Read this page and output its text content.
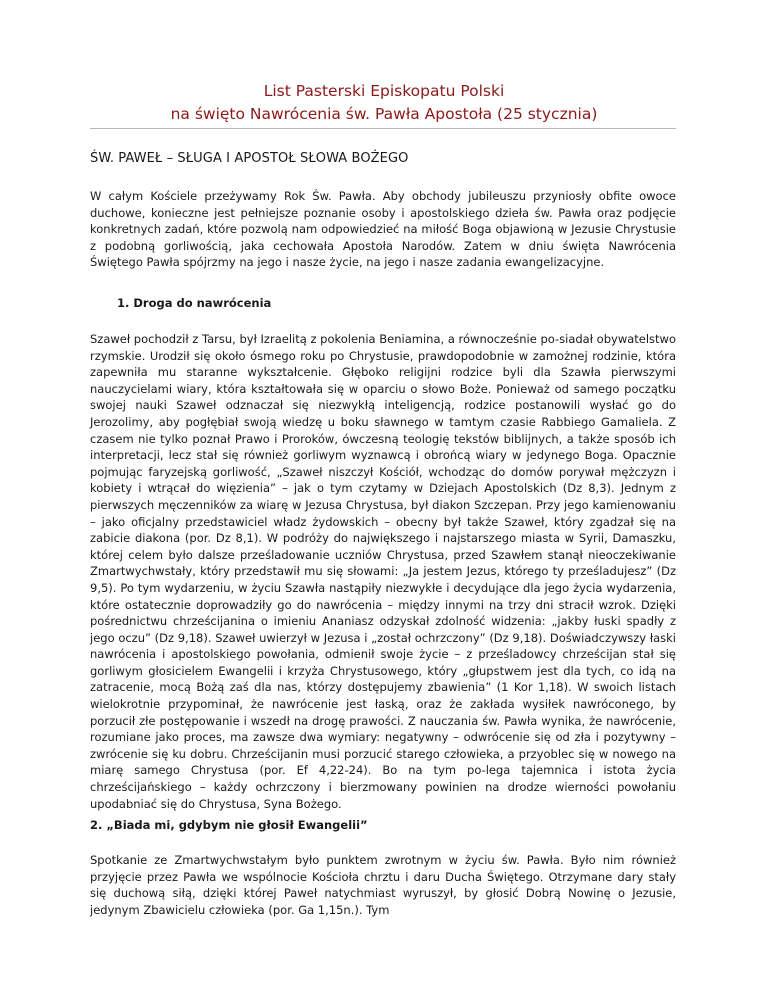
List Pasterski Episkopatu Polski
na święto Nawrócenia św. Pawła Apostoła (25 stycznia)
ŚW. PAWEŁ – SŁUGA I APOSTOŁ SŁOWA BOŻEGO

W całym Kościele przeżywamy Rok Św. Pawła. Aby obchody jubileuszu przyniosły obfite owoce duchowe, konieczne jest pełniejsze poznanie osoby i apostolskiego dzieła św. Pawła oraz podjęcie konkretnych zadań, które pozwolą nam odpowiedzieć na miłość Boga objawioną w Jezusie Chrystusie z podobną gorliwością, jaka cechowała Apostoła Narodów. Zatem w dniu święta Nawrócenia Świętego Pawła spójrzmy na jego i nasze życie, na jego i nasze zadania ewangelizacyjne.

1. Droga do nawrócenia

Szaweł pochodził z Tarsu, był Izraelitą z pokolenia Beniamina, a równocześnie po-siadał obywatelstwo rzymskie. Urodził się około ósmego roku po Chrystusie, prawdopodobnie w zamożnej rodzinie, która zapewniła mu staranne wykształcenie. Głęboko religijni rodzice byli dla Szawła pierwszymi nauczycielami wiary, która kształtowała się w oparciu o słowo Boże. Ponieważ od samego początku swojej nauki Szaweł odznaczał się niezwykłą inteligencją, rodzice postanowili wysłać go do Jerozolimy, aby pogłębiał swoją wiedzę u boku sławnego w tamtym czasie Rabbiego Gamaliela. Z czasem nie tylko poznał Prawo i Proroków, ówczesną teologię tekstów biblijnych, a także sposób ich interpretacji, lecz stał się również gorliwym wyznawcą i obrońcą wiary w jedynego Boga. Opacznie pojmując faryzejską gorliwość, „Szaweł niszczył Kościół, wchodząc do domów porywał mężczyzn i kobiety i wtrącał do więzienia” – jak o tym czytamy w Dziejach Apostolskich (Dz 8,3). Jednym z pierwszych męczenników za wiarę w Jezusa Chrystusa, był diakon Szczepan. Przy jego kamienowaniu – jako oficjalny przedstawiciel władz żydowskich – obecny był także Szaweł, który zgadzał się na zabicie diakona (por. Dz 8,1). W podróży do największego i najstarszego miasta w Syrii, Damaszku, której celem było dalsze prześladowanie uczniów Chrystusa, przed Szawłem stanął nieoczekiwanie Zmartwychwstały, który przedstawił mu się słowami: „Ja jestem Jezus, którego ty prześladujesz” (Dz 9,5). Po tym wydarzeniu, w życiu Szawła nastąpiły niezwykłe i decydujące dla jego życia wydarzenia, które ostatecznie doprowadziły go do nawrócenia – między innymi na trzy dni stracił wzrok. Dzięki pośrednictwu chrześcijanina o imieniu Ananiasz odzyskał zdolność widzenia: „jakby łuski spadły z jego oczu” (Dz 9,18). Szaweł uwierzył w Jezusa i „został ochrzczony” (Dz 9,18). Doświadczywszy łaski nawrócenia i apostolskiego powołania, odmienił swoje życie – z prześladowcy chrześcijan stał się gorliwym głosicielem Ewangelii i krzyża Chrystusowego, który „głupstwem jest dla tych, co idą na zatracenie, mocą Bożą zaś dla nas, którzy dostępujemy zbawienia” (1 Kor 1,18). W swoich listach wielokrotnie przypominał, że nawrócenie jest łaską, oraz że zakłada wysiłek nawróconego, by porzucił złe postępowanie i wszedł na drogę prawości. Z nauczania św. Pawła wynika, że nawrócenie, rozumiane jako proces, ma zawsze dwa wymiary: negatywny – odwrócenie się od zła i pozytywny – zwrócenie się ku dobru. Chrześcijanin musi porzucić starego człowieka, a przyoblec się w nowego na miarę samego Chrystusa (por. Ef 4,22-24). Bo na tym po-lega tajemnica i istota życia chrześcijańskiego – każdy ochrzczony i bierzmowany powinien na drodze wierności powołaniu upodabniać się do Chrystusa, Syna Bożego.

2. „Biada mi, gdybym nie głosił Ewangelii”

Spotkanie ze Zmartwychwstałym było punktem zwrotnym w życiu św. Pawła. Było nim również przyjęcie przez Pawła we wspólnocie Kościoła chrztu i daru Ducha Świętego. Otrzymane dary stały się duchową siłą, dzięki której Paweł natychmiast wyruszył, by głosić Dobrą Nowinę o Jezusie, jedynym Zbawicielu człowieka (por. Ga 1,15n.). Tym
